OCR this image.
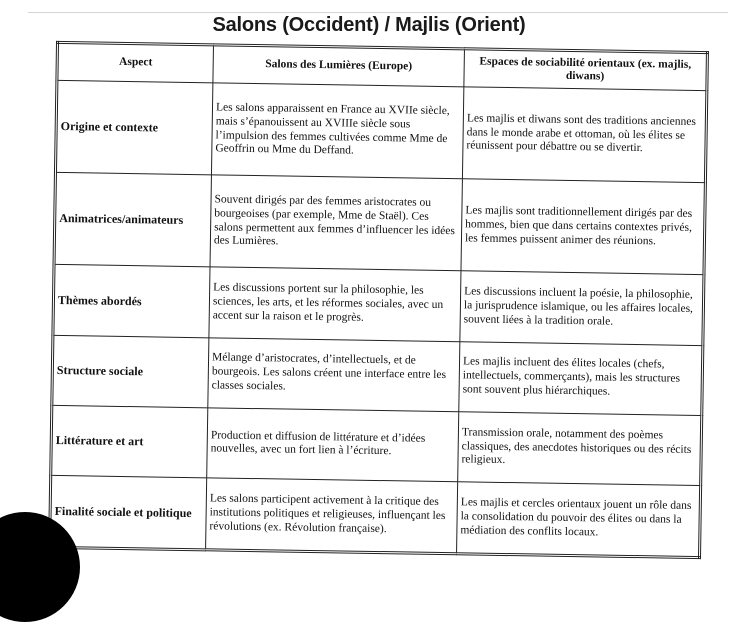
Salons (Occident) / Majlis (Orient)
Aspect	Salons des Lumières (Europe)	Espaces de sociabilité orientaux (ex. majlis, diwans)
Origine et contexte	Les salons apparaissent en France au XVIIe siècle, mais s’épanouissent au XVIIIe siècle sous l’impulsion des femmes cultivées comme Mme de Geoffrin ou Mme du Deffand.	Les majlis et diwans sont des traditions anciennes dans le monde arabe et ottoman, où les élites se réunissent pour débattre ou se divertir.
Animatrices/animateurs	Souvent dirigés par des femmes aristocrates ou bourgeoises (par exemple, Mme de Staël). Ces salons permettent aux femmes d’influencer les idées des Lumières.	Les majlis sont traditionnellement dirigés par des hommes, bien que dans certains contextes privés, les femmes puissent animer des réunions.
Thèmes abordés	Les discussions portent sur la philosophie, les sciences, les arts, et les réformes sociales, avec un accent sur la raison et le progrès.	Les discussions incluent la poésie, la philosophie, la jurisprudence islamique, ou les affaires locales, souvent liées à la tradition orale.
Structure sociale	Mélange d’aristocrates, d’intellectuels, et de bourgeois. Les salons créent une interface entre les classes sociales.	Les majlis incluent des élites locales (chefs, intellectuels, commerçants), mais les structures sont souvent plus hiérarchiques.
Littérature et art	Production et diffusion de littérature et d’idées nouvelles, avec un fort lien à l’écriture.	Transmission orale, notamment des poèmes classiques, des anecdotes historiques ou des récits religieux.
Finalité sociale et politique	Les salons participent activement à la critique des institutions politiques et religieuses, influençant les révolutions (ex. Révolution française).	Les majlis et cercles orientaux jouent un rôle dans la consolidation du pouvoir des élites ou dans la médiation des conflits locaux.
